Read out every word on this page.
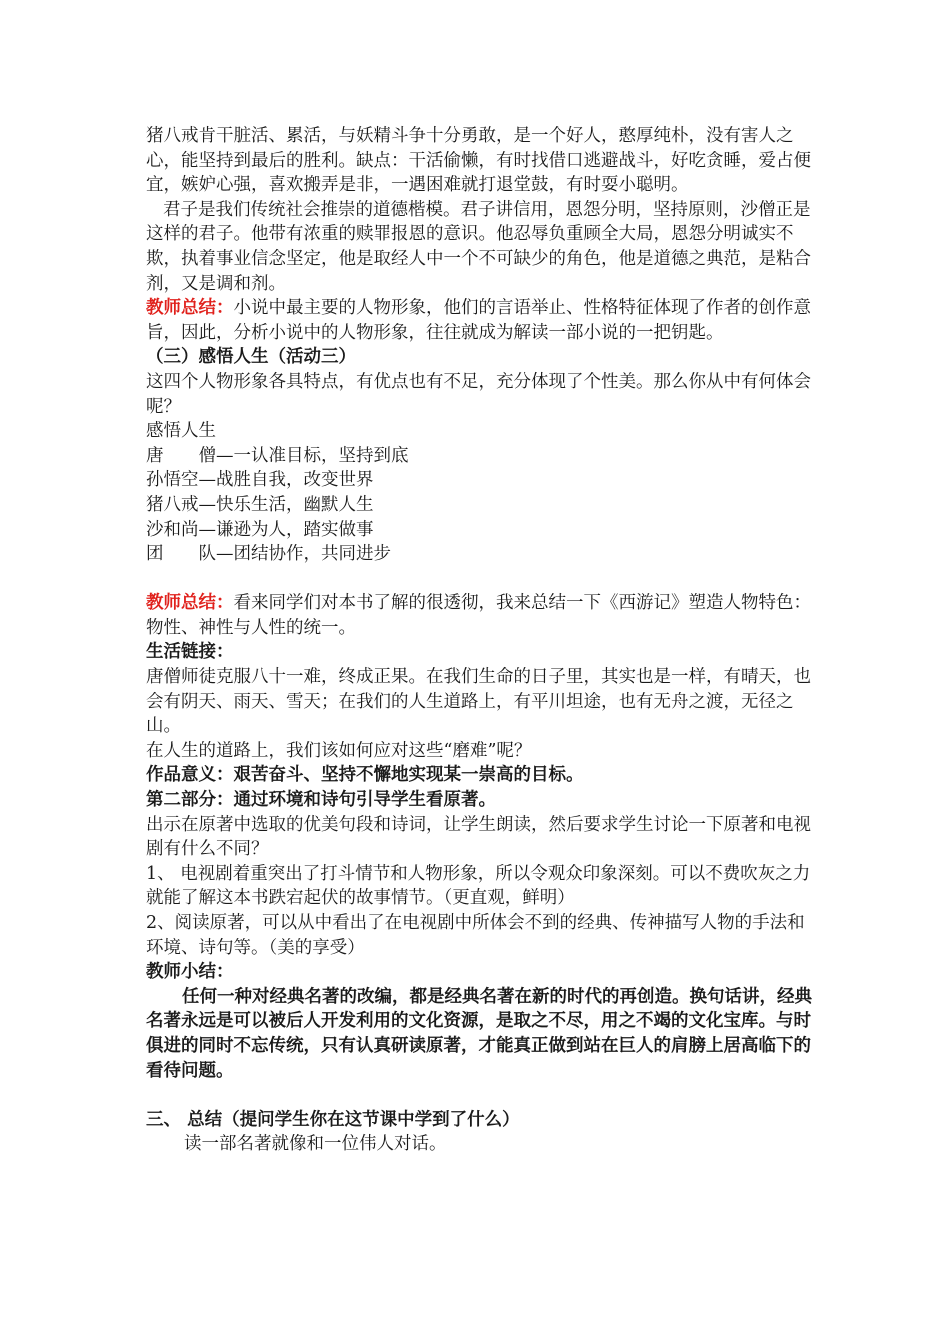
猪八戒肯干脏活、累活，与妖精斗争十分勇敢，是一个好人，憨厚纯朴，没有害人之心，能坚持到最后的胜利。缺点：干活偷懒，有时找借口逃避战斗，好吃贪睡，爱占便宜，嫉妒心强，喜欢搬弄是非，一遇困难就打退堂鼓，有时耍小聪明。

君子是我们传统社会推崇的道德楷模。君子讲信用，恩怨分明，坚持原则，沙僧正是这样的君子。他带有浓重的赎罪报恩的意识。他忍辱负重顾全大局，恩怨分明诚实不欺，执着事业信念坚定，他是取经人中一个不可缺少的角色，他是道德之典范，是粘合剂，又是调和剂。

教师总结：小说中最主要的人物形象，他们的言语举止、性格特征体现了作者的创作意旨，因此，分析小说中的人物形象，往往就成为解读一部小说的一把钥匙。

（三）感悟人生（活动三）

这四个人物形象各具特点，有优点也有不足，充分体现了个性美。那么你从中有何体会呢？

感悟人生

唐　　僧—一认准目标，坚持到底

孙悟空—战胜自我，改变世界

猪八戒—快乐生活，幽默人生

沙和尚—谦逊为人，踏实做事

团　　队—团结协作，共同进步

教师总结：看来同学们对本书了解的很透彻，我来总结一下《西游记》塑造人物特色：物性、神性与人性的统一。

生活链接：

唐僧师徒克服八十一难，终成正果。在我们生命的日子里，其实也是一样，有晴天，也会有阴天、雨天、雪天；在我们的人生道路上，有平川坦途，也有无舟之渡，无径之山。

在人生的道路上，我们该如何应对这些“磨难”呢？

作品意义：艰苦奋斗、坚持不懈地实现某一崇高的目标。

第二部分：通过环境和诗句引导学生看原著。

出示在原著中选取的优美句段和诗词，让学生朗读，然后要求学生讨论一下原著和电视剧有什么不同？

1、 电视剧着重突出了打斗情节和人物形象，所以令观众印象深刻。可以不费吹灰之力就能了解这本书跌宕起伏的故事情节。（更直观，鲜明）

2、阅读原著，可以从中看出了在电视剧中所体会不到的经典、传神描写人物的手法和环境、诗句等。（美的享受）

教师小结：

任何一种对经典名著的改编，都是经典名著在新的时代的再创造。换句话讲，经典名著永远是可以被后人开发利用的文化资源，是取之不尽，用之不竭的文化宝库。与时俱进的同时不忘传统，只有认真研读原著，才能真正做到站在巨人的肩膀上居高临下的看待问题。

三、 总结（提问学生你在这节课中学到了什么）

读一部名著就像和一位伟人对话。
